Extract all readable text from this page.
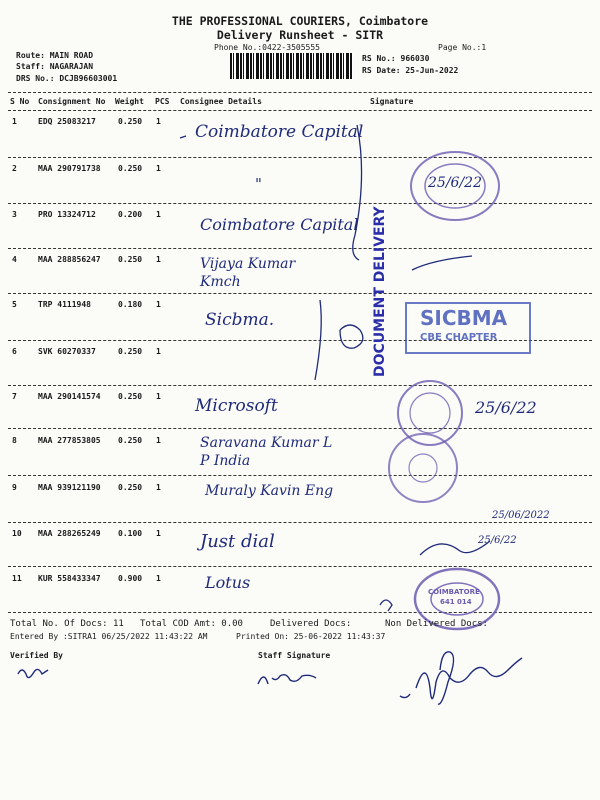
THE PROFESSIONAL COURIERS, Coimbatore
Delivery Runsheet - SITR
Phone No.:0422-3505555	Page No.:1
Route: MAIN ROAD
Staff: NAGARAJAN
DRS No.: DCJB96603001
RS No.: 966030
RS Date: 25-Jun-2022
S No Consignment No Weight PCS Consignee Details	Signature
1	EDQ 25083217	0.250 1
Coimbatore Capital
2	MAA 290791738 0.250 1
"
3	PRO 13324712	0.200 1
Coimbatore Capital
4	MAA 288856247 0.250 1	Vijaya Kumar Kmch
5	TRP 4111948	0.180 1
Sicbma.
6	SVK 60270337	0.250 1
7	MAA 290141574 0.250 1 Microsoft
8	MAA 277853805 0.250 1	Saravana Kumar L P India
9	MAA 939121190 0.250 1	Muraly Kavin Eng
10 MAA 288265249 0.100 1 Just dial
11 KUR 558433347 0.900 1	Lotus
25/6/22
DOCUMENT DELIVERY SICBMA
CBE CHAPTER
25/6/22
25/06/2022
25/6/22
COIMBATORE
641 014
Total No. Of Docs: 11 Total COD Amt: 0.00	Delivered Docs:	Non Delivered Docs:
Entered By :SITRA1 06/25/2022 11:43:22 AM	Printed On: 25-06-2022 11:43:37
Verified By	Staff Signature
